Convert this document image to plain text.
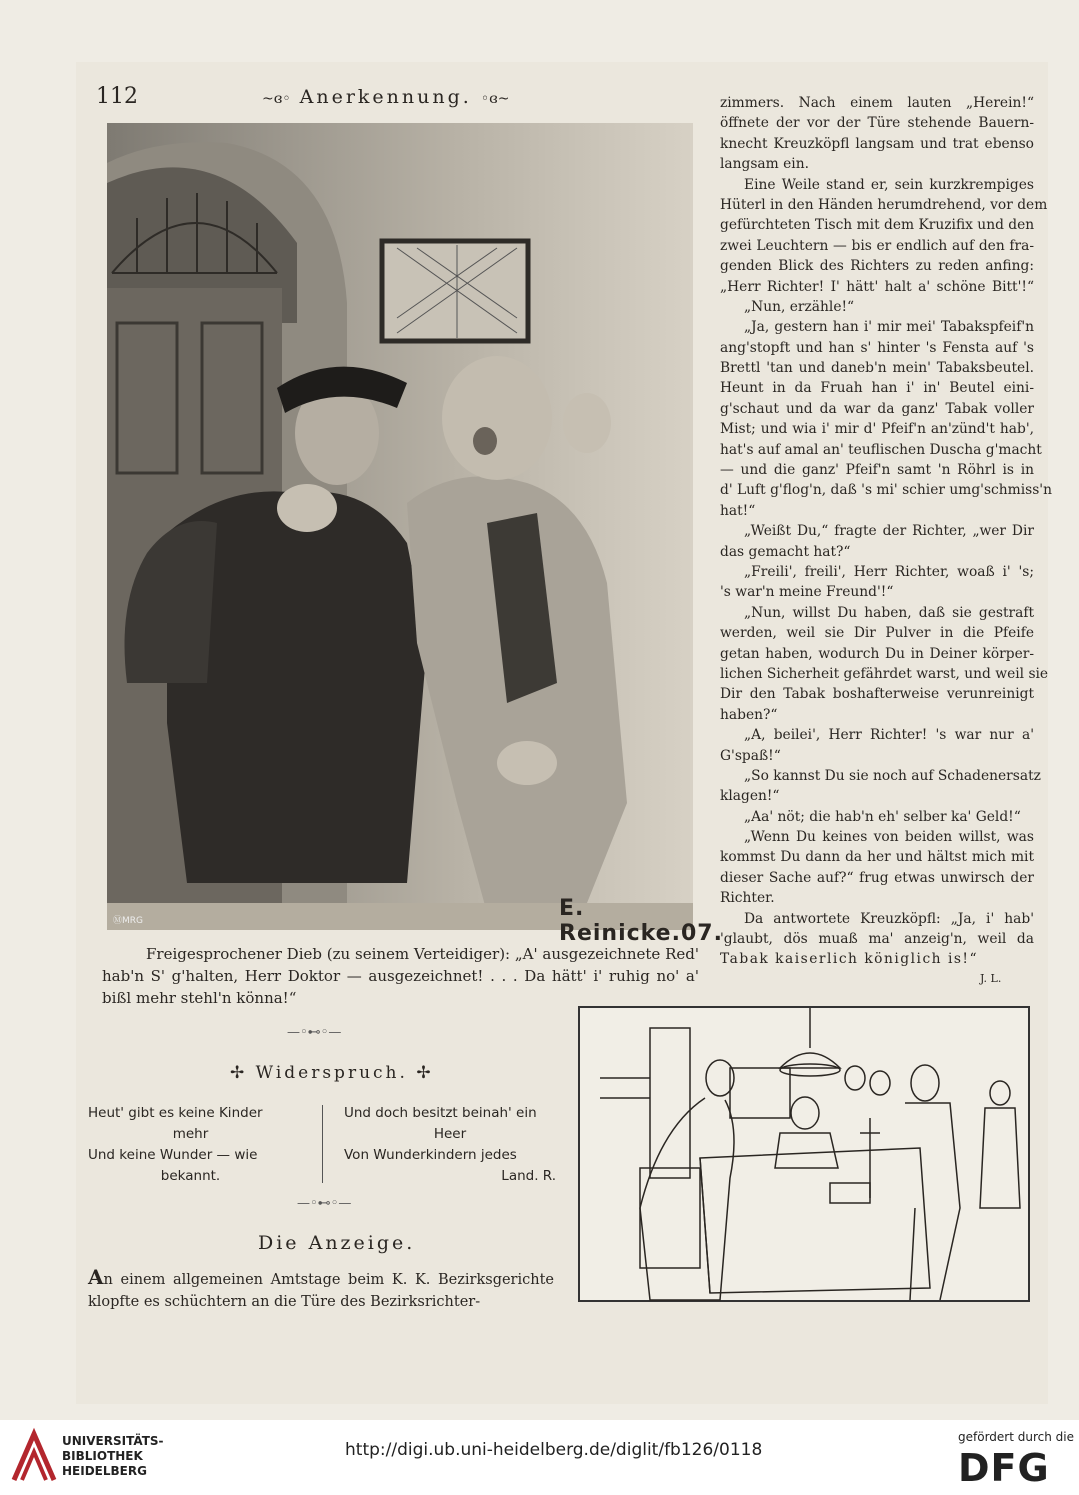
112	~ɞ◦ Anerkennung. ◦ɞ~
E. Reinicke.07.
ⓂMRG

Freigesprochener Dieb (zu seinem Verteidiger): „A' ausgezeichnete Red' hab'n S' g'halten, Herr Doktor — ausgezeichnet! . . . Da hätt' i' ruhig no' a' bißl mehr stehl'n könna!“

—◦⊷◦—
✢ Widerspruch. ✢
Heut' gibt es keine Kinder
mehr
Und keine Wunder — wie
bekannt.
Und doch besitzt beinah' ein
Heer
Von Wunderkindern jedes
Land. R.
—◦⊷◦—
Die Anzeige.

An einem allgemeinen Amtstage beim K. K. Bezirksgerichte klopfte es schüchtern an die Türe des Bezirksrichter-

zimmers. Nach einem lauten „Herein!“
öffnete der vor der Türe stehende Bauern-
knecht Kreuzköpfl langsam und trat ebenso
langsam ein.
Eine Weile stand er, sein kurzkrempiges
Hüterl in den Händen herumdrehend, vor dem
gefürchteten Tisch mit dem Kruzifix und den
zwei Leuchtern — bis er endlich auf den fra-
genden Blick des Richters zu reden anfing:
„Herr Richter! I' hätt' halt a' schöne Bitt'!“
„Nun, erzähle!“
„Ja, gestern han i' mir mei' Tabakspfeif'n
ang'stopft und han s' hinter 's Fenstа auf 's
Brettl 'tan und daneb'n mein' Tabaksbeutel.
Heunt in da Fruah han i' in' Beutel eini-
g'schaut und da war da ganz' Tabak voller
Mist; und wia i' mir d' Pfeif'n an'zünd't hab',
hat's auf amal an' teuflischen Duscha g'macht
— und die ganz' Pfeif'n samt 'n Röhrl is in
d' Luft g'flog'n, daß 's mi' schier umg'schmiss'n
hat!“
„Weißt Du,“ fragte der Richter, „wer Dir
das gemacht hat?“
„Freili', freili', Herr Richter, woaß i' 's;
's war'n meine Freund'!“
„Nun, willst Du haben, daß sie gestraft
werden, weil sie Dir Pulver in die Pfeife
getan haben, wodurch Du in Deiner körper-
lichen Sicherheit gefährdet warst, und weil sie
Dir den Tabak boshafterweise verunreinigt
haben?“
„A, beilei', Herr Richter! 's war nur a'
G'spaß!“
„So kannst Du sie noch auf Schadenersatz
klagen!“
„Aa' nöt; die hab'n eh' selber ka' Geld!“
„Wenn Du keines von beiden willst, was
kommst Du dann da her und hältst mich mit
dieser Sache auf?“ frug etwas unwirsch der
Richter.
Da antwortete Kreuzköpfl: „Ja, i' hab'
'glaubt, dös muaß ma' anzeig'n, weil da
Tabak kaiserlich königlich is!“
J. L.
UNIVERSITÄTS-
BIBLIOTHEK
HEIDELBERG
http://digi.ub.uni-heidelberg.de/diglit/fb126/0118
gefördert durch die
DFG
